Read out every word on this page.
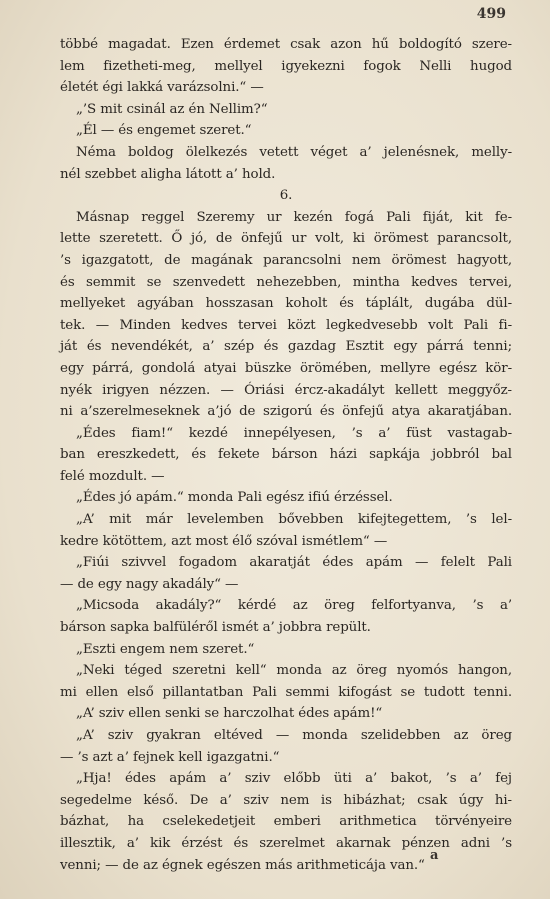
499
többé magadat. Ezen érdemet csak azon hű boldogító szere-
lem fizetheti-meg, mellyel igyekezni fogok Nelli hugod
életét égi lakká varázsolni.“ —
„’S mit csinál az én Nellim?“
„Él — és engemet szeret.“
Néma boldog ölelkezés vetett véget a’ jelenésnek, melly-
nél szebbet aligha látott a’ hold.
6.
Másnap reggel Szeremy ur kezén fogá Pali fiját, kit fe-
lette szeretett. Ő jó, de önfejű ur volt, ki örömest parancsolt,
’s igazgatott, de magának parancsolni nem örömest hagyott,
és semmit se szenvedett nehezebben, mintha kedves tervei,
mellyeket agyában hosszasan koholt és táplált, dugába dül-
tek. — Minden kedves tervei közt legkedvesebb volt Pali fi-
ját és nevendékét, a’ szép és gazdag Esztit egy párrá tenni;
egy párrá, gondolá atyai büszke örömében, mellyre egész kör-
nyék irigyen nézzen. — Óriási ércz-akadályt kellett meggyőz-
ni a’szerelmeseknek a’jó de szigorú és önfejű atya akaratjában.
„Édes fiam!“ kezdé innepélyesen, ’s a’ füst vastagab-
ban ereszkedett, és fekete bárson házi sapkája jobbról bal
felé mozdult. —
„Édes jó apám.“ monda Pali egész ifiú érzéssel.
„A’ mit már levelemben bővebben kifejtegettem, ’s lel-
kedre kötöttem, azt most élő szóval ismétlem“ —
„Fiúi szivvel fogadom akaratját édes apám — felelt Pali
— de egy nagy akadály“ —
„Micsoda akadály?“ kérdé az öreg felfortyanva, ’s a’
bárson sapka balfüléről ismét a’ jobbra repült.
„Eszti engem nem szeret.“
„Neki téged szeretni kell“ monda az öreg nyomós hangon,
mi ellen első pillantatban Pali semmi kifogást se tudott tenni.
„A’ sziv ellen senki se harczolhat édes apám!“
„A’ sziv gyakran eltéved — monda szelidebben az öreg
— ’s azt a’ fejnek kell igazgatni.“
„Hja! édes apám a’ sziv előbb üti a’ bakot, ’s a’ fej
segedelme késő. De a’ sziv nem is hibázhat; csak úgy hi-
bázhat, ha cselekedetjeit emberi arithmetica törvényeire
illesztik, a’ kik érzést és szerelmet akarnak pénzen adni ’s
venni; — de az égnek egészen más arithmeticája van.“
a
